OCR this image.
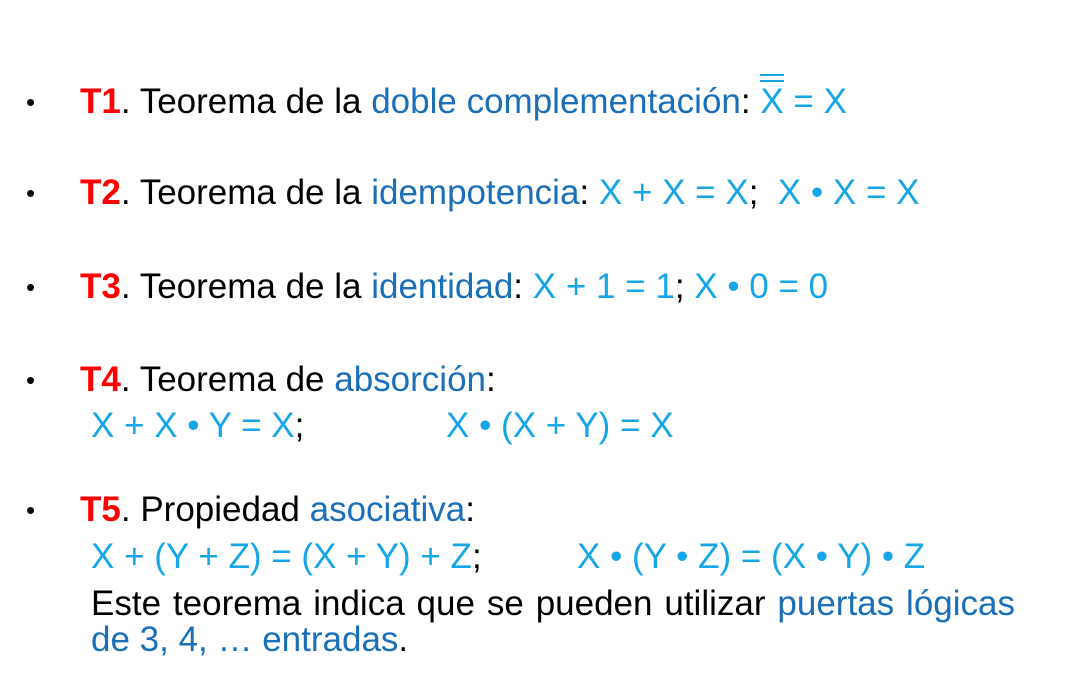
• T1. Teorema de la doble complementación: X = X
• T2. Teorema de la idempotencia: X + X = X;  X • X = X
• T3. Teorema de la identidad: X + 1 = 1; X • 0 = 0
• T4. Teorema de absorción:
X + X • Y = X;	X • (X + Y) = X
• T5. Propiedad asociativa:
X + (Y + Z) = (X + Y) + Z;	X • (Y • Z) = (X • Y) • Z
Este teorema indica que se pueden utilizar puertas lógicas de 3, 4, … entradas.
